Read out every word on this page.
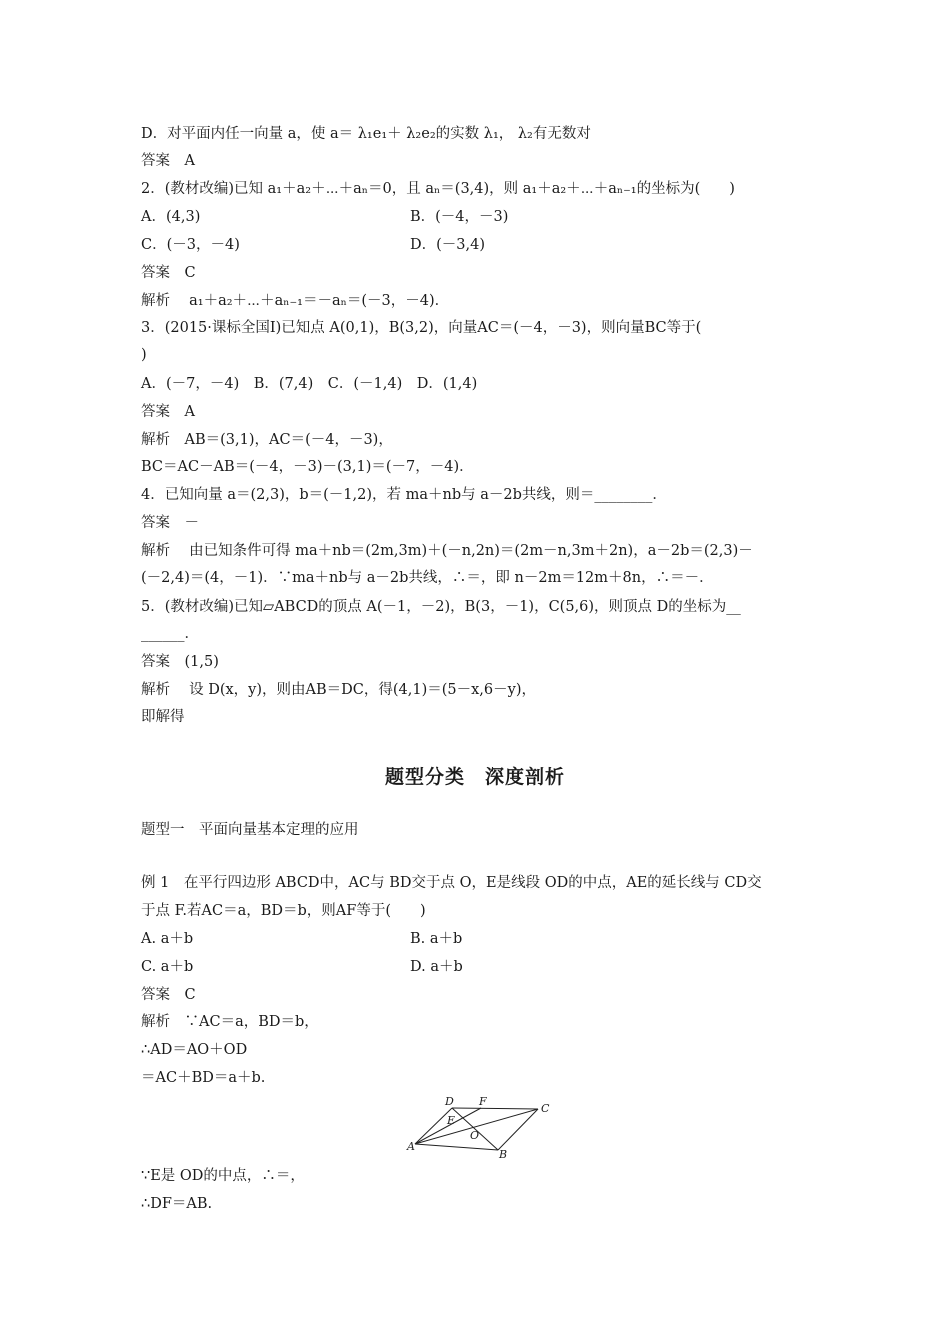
D．对平面内任一向量 a，使 a＝ λ₁e₁＋ λ₂e₂的实数 λ₁， λ₂有无数对
答案　A
2．(教材改编)已知 a₁＋a₂＋⋯＋aₙ＝0，且 aₙ＝(3,4)，则 a₁＋a₂＋⋯＋aₙ₋₁的坐标为(　　)
A．(4,3)	B．(－4，－3)
C．(－3，－4)	D．(－3,4)
答案　C
解析　 a₁＋a₂＋⋯＋aₙ₋₁＝－aₙ＝(－3，－4)．
3．(2015·课标全国Ⅰ)已知点 A(0,1)，B(3,2)，向量AC＝(－4，－3)，则向量BC等于(
)
A．(－7，－4)　B．(7,4)　C．(－1,4)　D．(1,4)
答案　A
解析　AB＝(3,1)，AC＝(－4，－3)，
BC＝AC－AB＝(－4，－3)－(3,1)＝(－7，－4)．
4．已知向量 a＝(2,3)，b＝(－1,2)，若 ma＋nb与 a－2b共线，则＝________．
答案　－
解析　 由已知条件可得 ma＋nb＝(2m,3m)＋(－n,2n)＝(2m－n,3m＋2n)，a－2b＝(2,3)－
(－2,4)＝(4，－1)．∵ma＋nb与 a－2b共线，∴＝，即 n－2m＝12m＋8n，∴＝－．
5．(教材改编)已知▱ABCD的顶点 A(－1，－2)，B(3，－1)，C(5,6)，则顶点 D的坐标为__
______．
答案　(1,5)
解析　 设 D(x，y)，则由AB＝DC，得(4,1)＝(5－x,6－y)，
即解得
题型分类　深度剖析
题型一　平面向量基本定理的应用
例 1　在平行四边形 ABCD中，AC与 BD交于点 O，E是线段 OD的中点，AE的延长线与 CD交
于点 F.若AC＝a，BD＝b，则AF等于(　　)
A. a＋b	B. a＋b
C. a＋b	D. a＋b
答案　C
解析　∵AC＝a，BD＝b，
∴AD＝AO＋OD
＝AC＋BD＝a＋b.
A
B
C
D
E
F
O
∵E是 OD的中点，∴＝，
∴DF＝AB.
